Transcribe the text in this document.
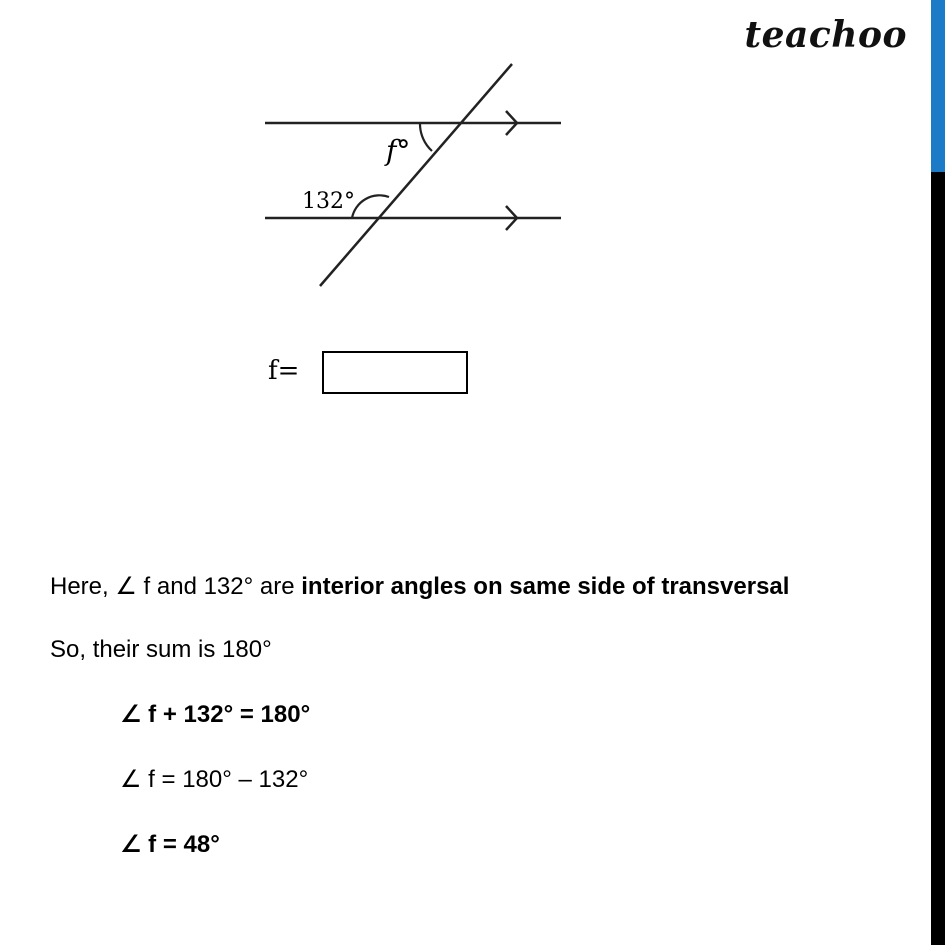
teachoo
f°
132°
f=
Here, ∠ f and 132° are interior angles on same side of transversal
So, their sum is 180°
∠ f + 132° = 180°
∠ f = 180° – 132°
∠ f = 48°
